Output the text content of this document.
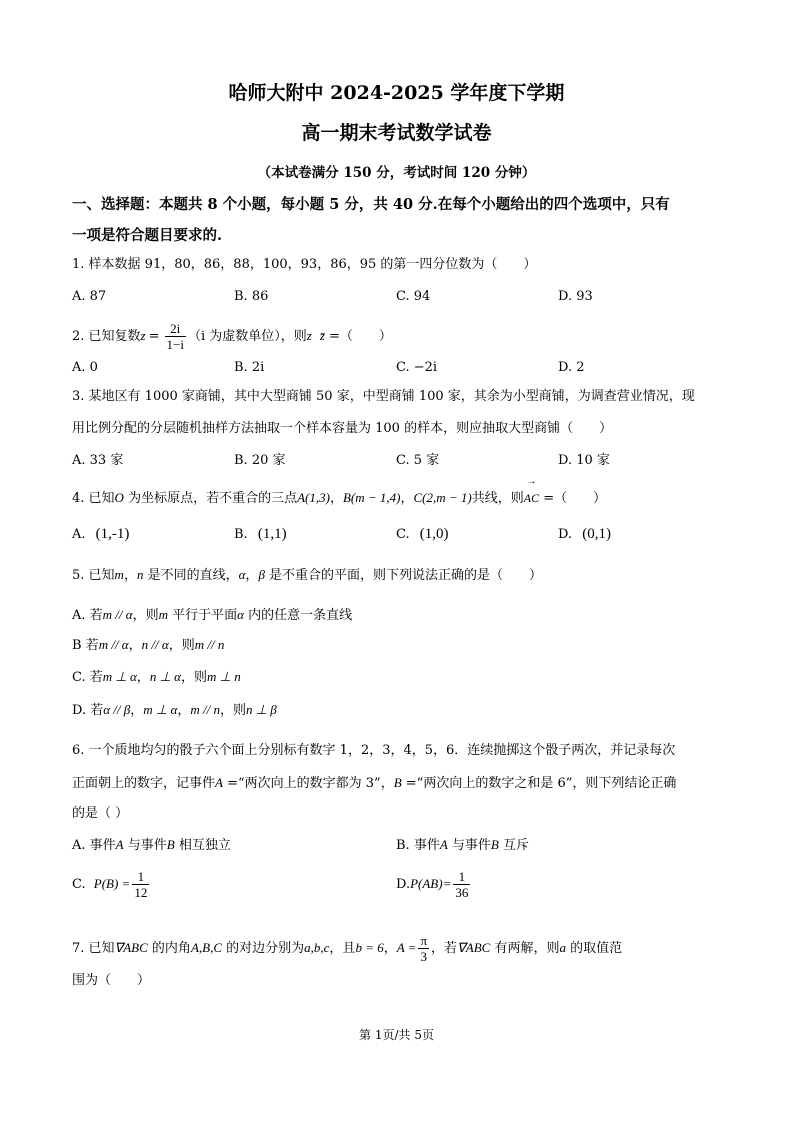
哈师大附中 2024-2025 学年度下学期
高一期末考试数学试卷
（本试卷满分 150 分，考试时间 120 分钟）
一、选择题：本题共 8 个小题，每小题 5 分，共 40 分.在每个小题给出的四个选项中，只有
一项是符合题目要求的.
1. 样本数据 91，80，86，88，100，93，86，95 的第一四分位数为（　　）
A. 87	B. 86	C. 94	D. 93
2. 已知复数$z = \frac{2i}{1-i} (i$ 为虚数单位），则z z̄ =（　　）
A. 0	B. 2i	C. −2i	D. 2
3. 某地区有 1000 家商铺，其中大型商铺 50 家，中型商铺 100 家，其余为小型商铺，为调查营业情况，现
用比例分配的分层随机抽样方法抽取一个样本容量为 100 的样本，则应抽取大型商铺（　　）
A. 33 家	B. 20 家	C. 5 家	D. 10 家
4. 已知O 为坐标原点，若不重合的三点A(1,3)，B(m − 1,4)，C(2,m − 1)共线，则AC
→
=（　　）
A. (1,-1)	B. (1,1)	C. (1,0)	D. (0,1)
5. 已知m，n 是不同的直线，α，β 是不重合的平面，则下列说法正确的是（　　）
A. 若m // α，则m 平行于平面α 内的任意一条直线
B 若m // α，n // α，则m // n
C. 若m ⊥ α，n ⊥ α，则m ⊥ n
D. 若α // β，m ⊥ α，m // n，则n ⊥ β
6. 一个质地均匀的骰子六个面上分别标有数字 1，2，3，4，5，6．连续抛掷这个骰子两次，并记录每次
正面朝上的数字，记事件A =“两次向上的数字都为 3”，B =“两次向上的数字之和是 6”，则下列结论正确
的是（ ）
A. 事件A 与事件B 相互独立	B. 事件A 与事件B 互斥
C. $P(B) = \frac{1}{12}$	$D.P(AB)= \frac{1}{36}$
7. 已知∇ABC 的内角A,B,C 的对边分别为a,b,c，且b = 6，$A = \frac{\pi}{3}$ ，若∇ABC 有两解，则a 的取值范
围为（　　）
第 1页/共 5页
